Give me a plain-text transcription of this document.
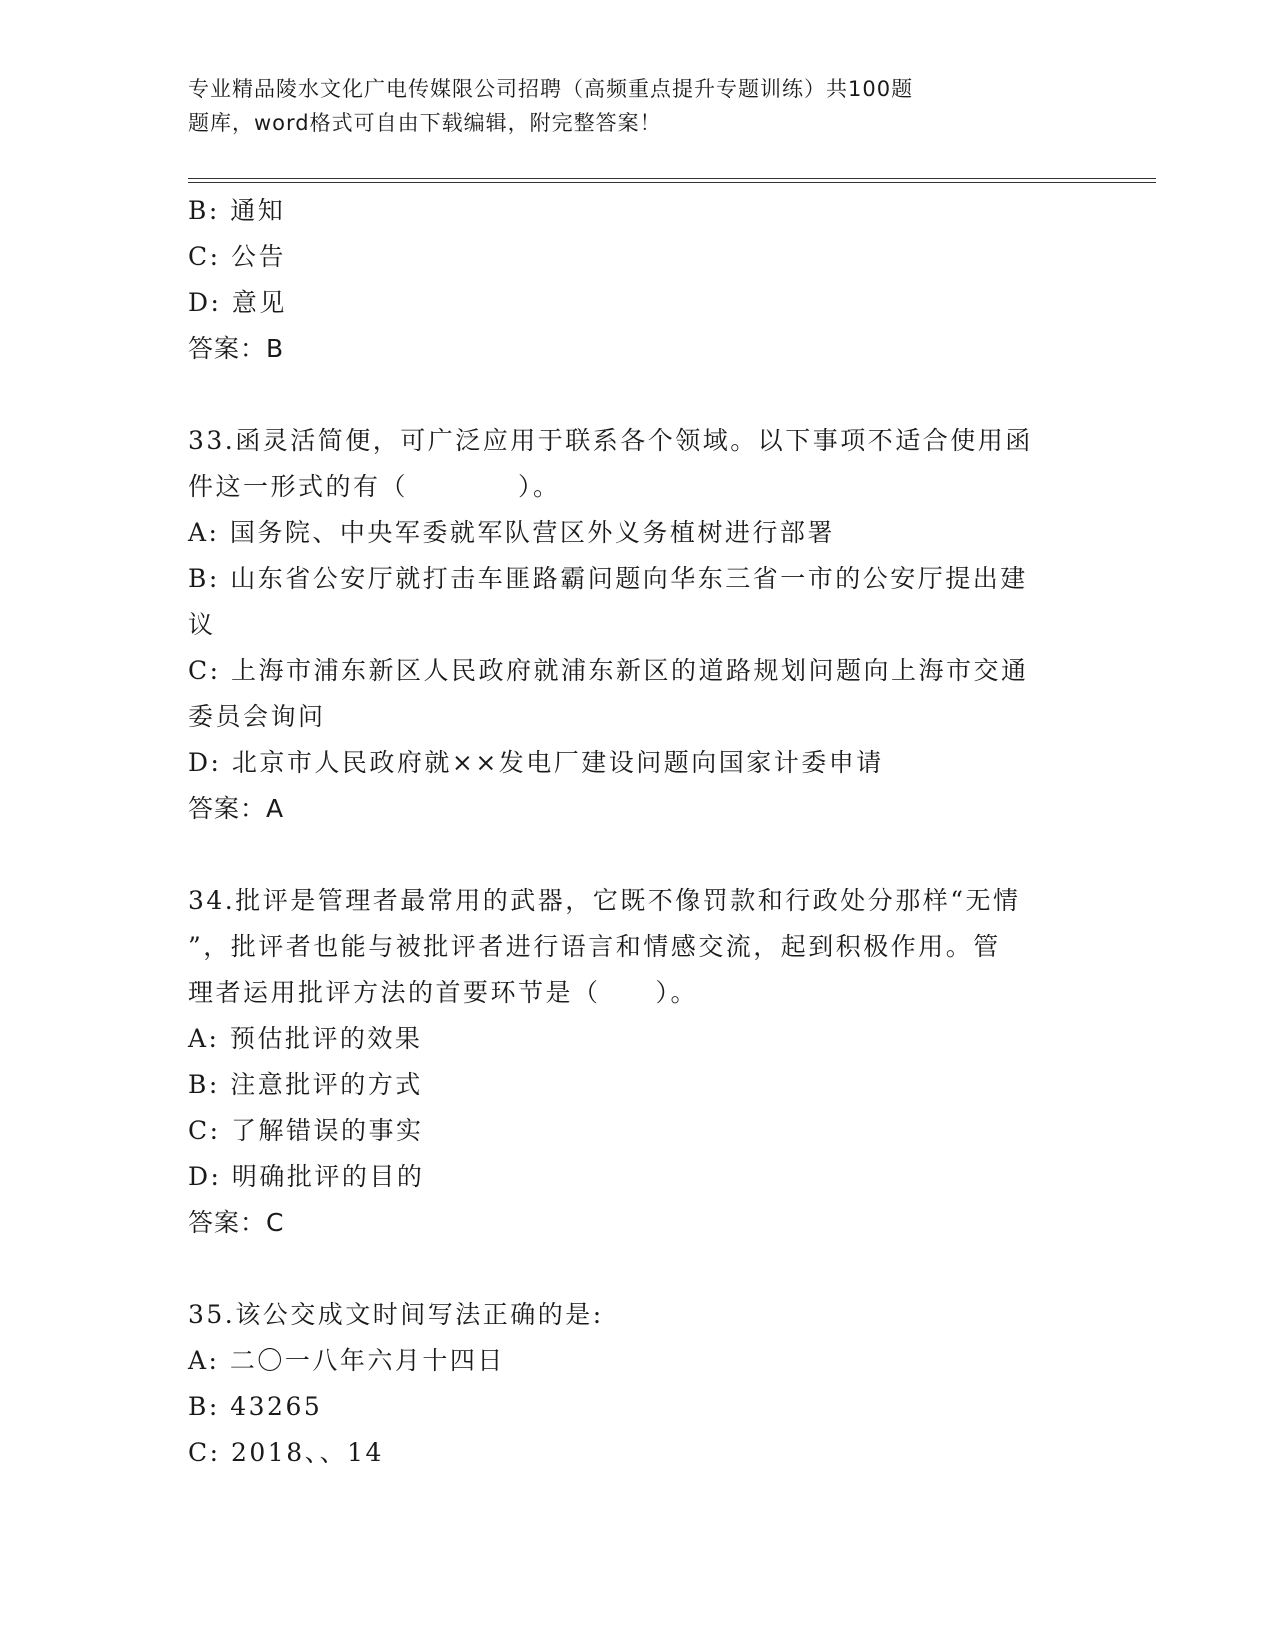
专业精品陵水文化广电传媒限公司招聘（高频重点提升专题训练）共100题
题库，word格式可自由下载编辑，附完整答案！
B: 通知
C: 公告
D: 意见
答案：B
33.函灵活简便，可广泛应用于联系各个领域。以下事项不适合使用函
件这一形式的有（　　　　）。
A: 国务院、中央军委就军队营区外义务植树进行部署
B: 山东省公安厅就打击车匪路霸问题向华东三省一市的公安厅提出建
议
C: 上海市浦东新区人民政府就浦东新区的道路规划问题向上海市交通
委员会询问
D: 北京市人民政府就××发电厂建设问题向国家计委申请
答案：A
34.批评是管理者最常用的武器，它既不像罚款和行政处分那样“无情
”，批评者也能与被批评者进行语言和情感交流，起到积极作用。管
理者运用批评方法的首要环节是（　　）。
A: 预估批评的效果
B: 注意批评的方式
C: 了解错误的事实
D: 明确批评的目的
答案：C
35.该公交成文时间写法正确的是:
A: 二〇一八年六月十四日
B: 43265
C: 2018、、14
